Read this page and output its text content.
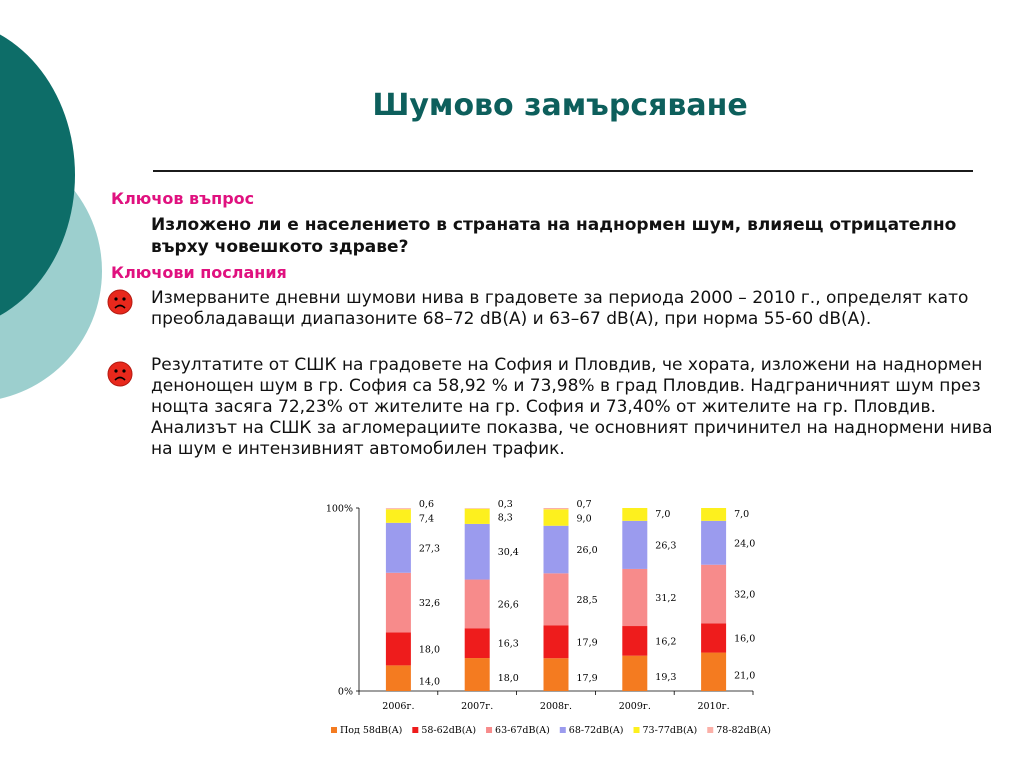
Шумово замърсяване
Ключов въпрос
Изложено ли е населението в страната на наднормен шум, влияещ отрицателно върху човешкото здраве?
Ключови послания
Измерваните дневни шумови нива в градовете за периода 2000 – 2010 г., определят като преобладаващи диапазоните 68–72 dB(A) и 63–67 dB(A), при норма 55-60 dB(A).
Резултатите от СШК на градовете на София и Пловдив, че хората, изложени на наднормен денонощен шум в гр. София са 58,92 % и 73,98% в град Пловдив. Надграничният шум през нощта засяга 72,23% от жителите на гр. София и 73,40% от жителите на гр. Пловдив. Анализът на СШК за агломерациите показва, че основният причинител на наднормени нива на шум е интензивният автомобилен трафик.
0%
100%
2006г.	2007г.	2008г.	2009г.	2010г.
14,0
18,0
32,6
27,3
7,4
0,6
18,0
16,3
26,6
30,4
8,3
0,3
17,9
17,9
28,5
26,0
9,0
0,7
19,3
16,2
31,2
26,3
7,0
21,0
16,0
32,0
24,0
7,0
Под 58dB(A) 58-62dB(A) 63-67dB(A) 68-72dB(A) 73-77dB(A) 78-82dB(A)
